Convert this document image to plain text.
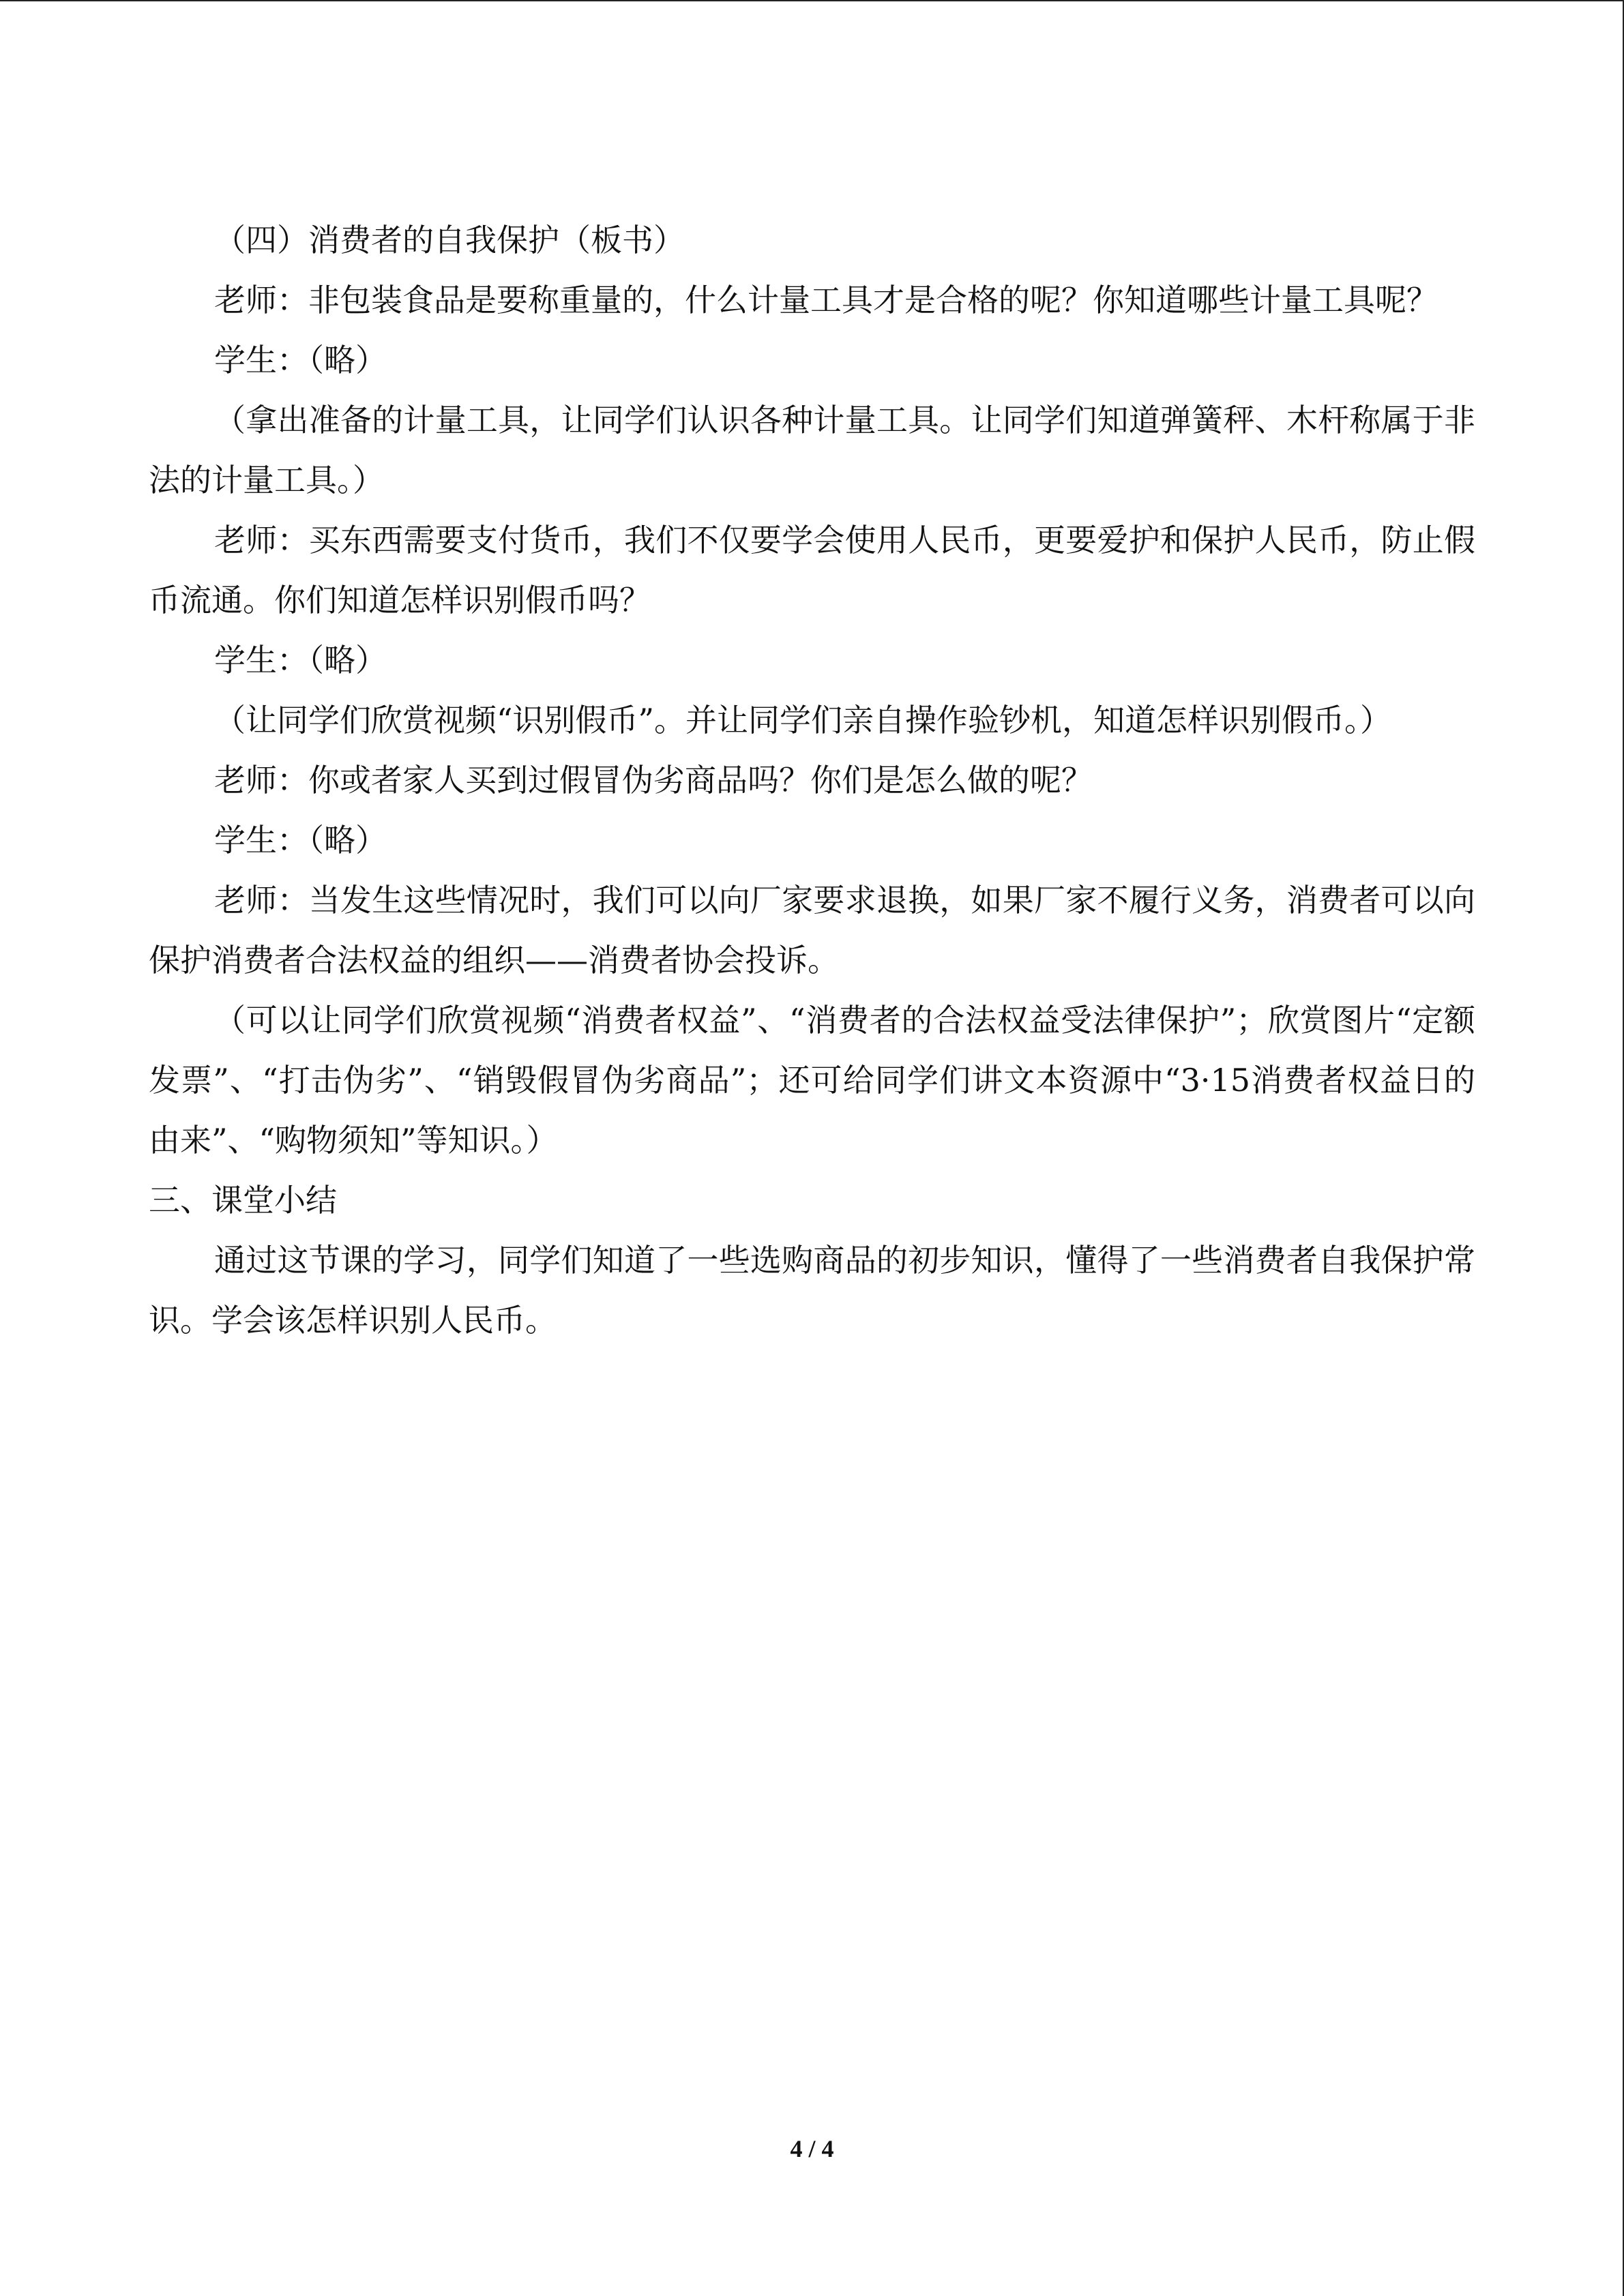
（四）消费者的自我保护（板书）

老师：非包装食品是要称重量的，什么计量工具才是合格的呢？你知道哪些计量工具呢？

学生：（略）

（拿出准备的计量工具，让同学们认识各种计量工具。让同学们知道弹簧秤、木杆称属于非法的计量工具。）

老师：买东西需要支付货币，我们不仅要学会使用人民币，更要爱护和保护人民币，防止假币流通。你们知道怎样识别假币吗？

学生：（略）

（让同学们欣赏视频“识别假币”。并让同学们亲自操作验钞机，知道怎样识别假币。）

老师：你或者家人买到过假冒伪劣商品吗？你们是怎么做的呢？

学生：（略）

老师：当发生这些情况时，我们可以向厂家要求退换，如果厂家不履行义务，消费者可以向保护消费者合法权益的组织——消费者协会投诉。

（可以让同学们欣赏视频“消费者权益”、“消费者的合法权益受法律保护”；欣赏图片“定额发票”、“打击伪劣”、“销毁假冒伪劣商品”；还可给同学们讲文本资源中“3·15消费者权益日的由来”、“购物须知”等知识。）

三、课堂小结

通过这节课的学习，同学们知道了一些选购商品的初步知识，懂得了一些消费者自我保护常识。学会该怎样识别人民币。

4 / 4
